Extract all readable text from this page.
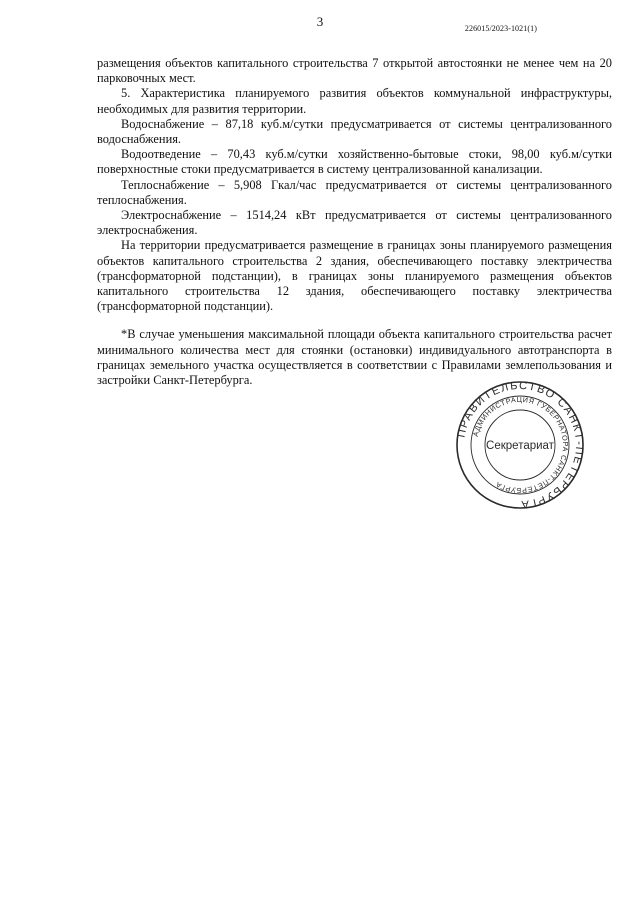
3	226015/2023-1021(1)

размещения объектов капитального строительства 7 открытой автостоянки не менее чем на 20 парковочных мест.

5. Характеристика планируемого развития объектов коммунальной инфраструктуры, необходимых для развития территории.

Водоснабжение – 87,18 куб.м/сутки предусматривается от системы централизованного водоснабжения.

Водоотведение – 70,43 куб.м/сутки хозяйственно-бытовые стоки, 98,00 куб.м/сутки поверхностные стоки предусматривается в систему централизованной канализации.

Теплоснабжение – 5,908 Гкал/час предусматривается от системы централизованного теплоснабжения.

Электроснабжение – 1514,24 кВт предусматривается от системы централизованного электроснабжения.

На территории предусматривается размещение в границах зоны планируемого размещения объектов капитального строительства 2 здания, обеспечивающего поставку электричества (трансформаторной подстанции), в границах зоны планируемого размещения объектов капитального строительства 12 здания, обеспечивающего поставку электричества (трансформаторной подстанции).

*В случае уменьшения максимальной площади объекта капитального строительства расчет минимального количества мест для стоянки (остановки) индивидуального автотранспорта в границах земельного участка осуществляется в соответствии с Правилами землепользования и застройки Санкт-Петербурга.

ПРАВИТЕЛЬСТВО САНКТ-ПЕТЕРБУРГА
АДМИНИСТРАЦИЯ ГУБЕРНАТОРА САНКТ-ПЕТЕРБУРГА
Секретариат
